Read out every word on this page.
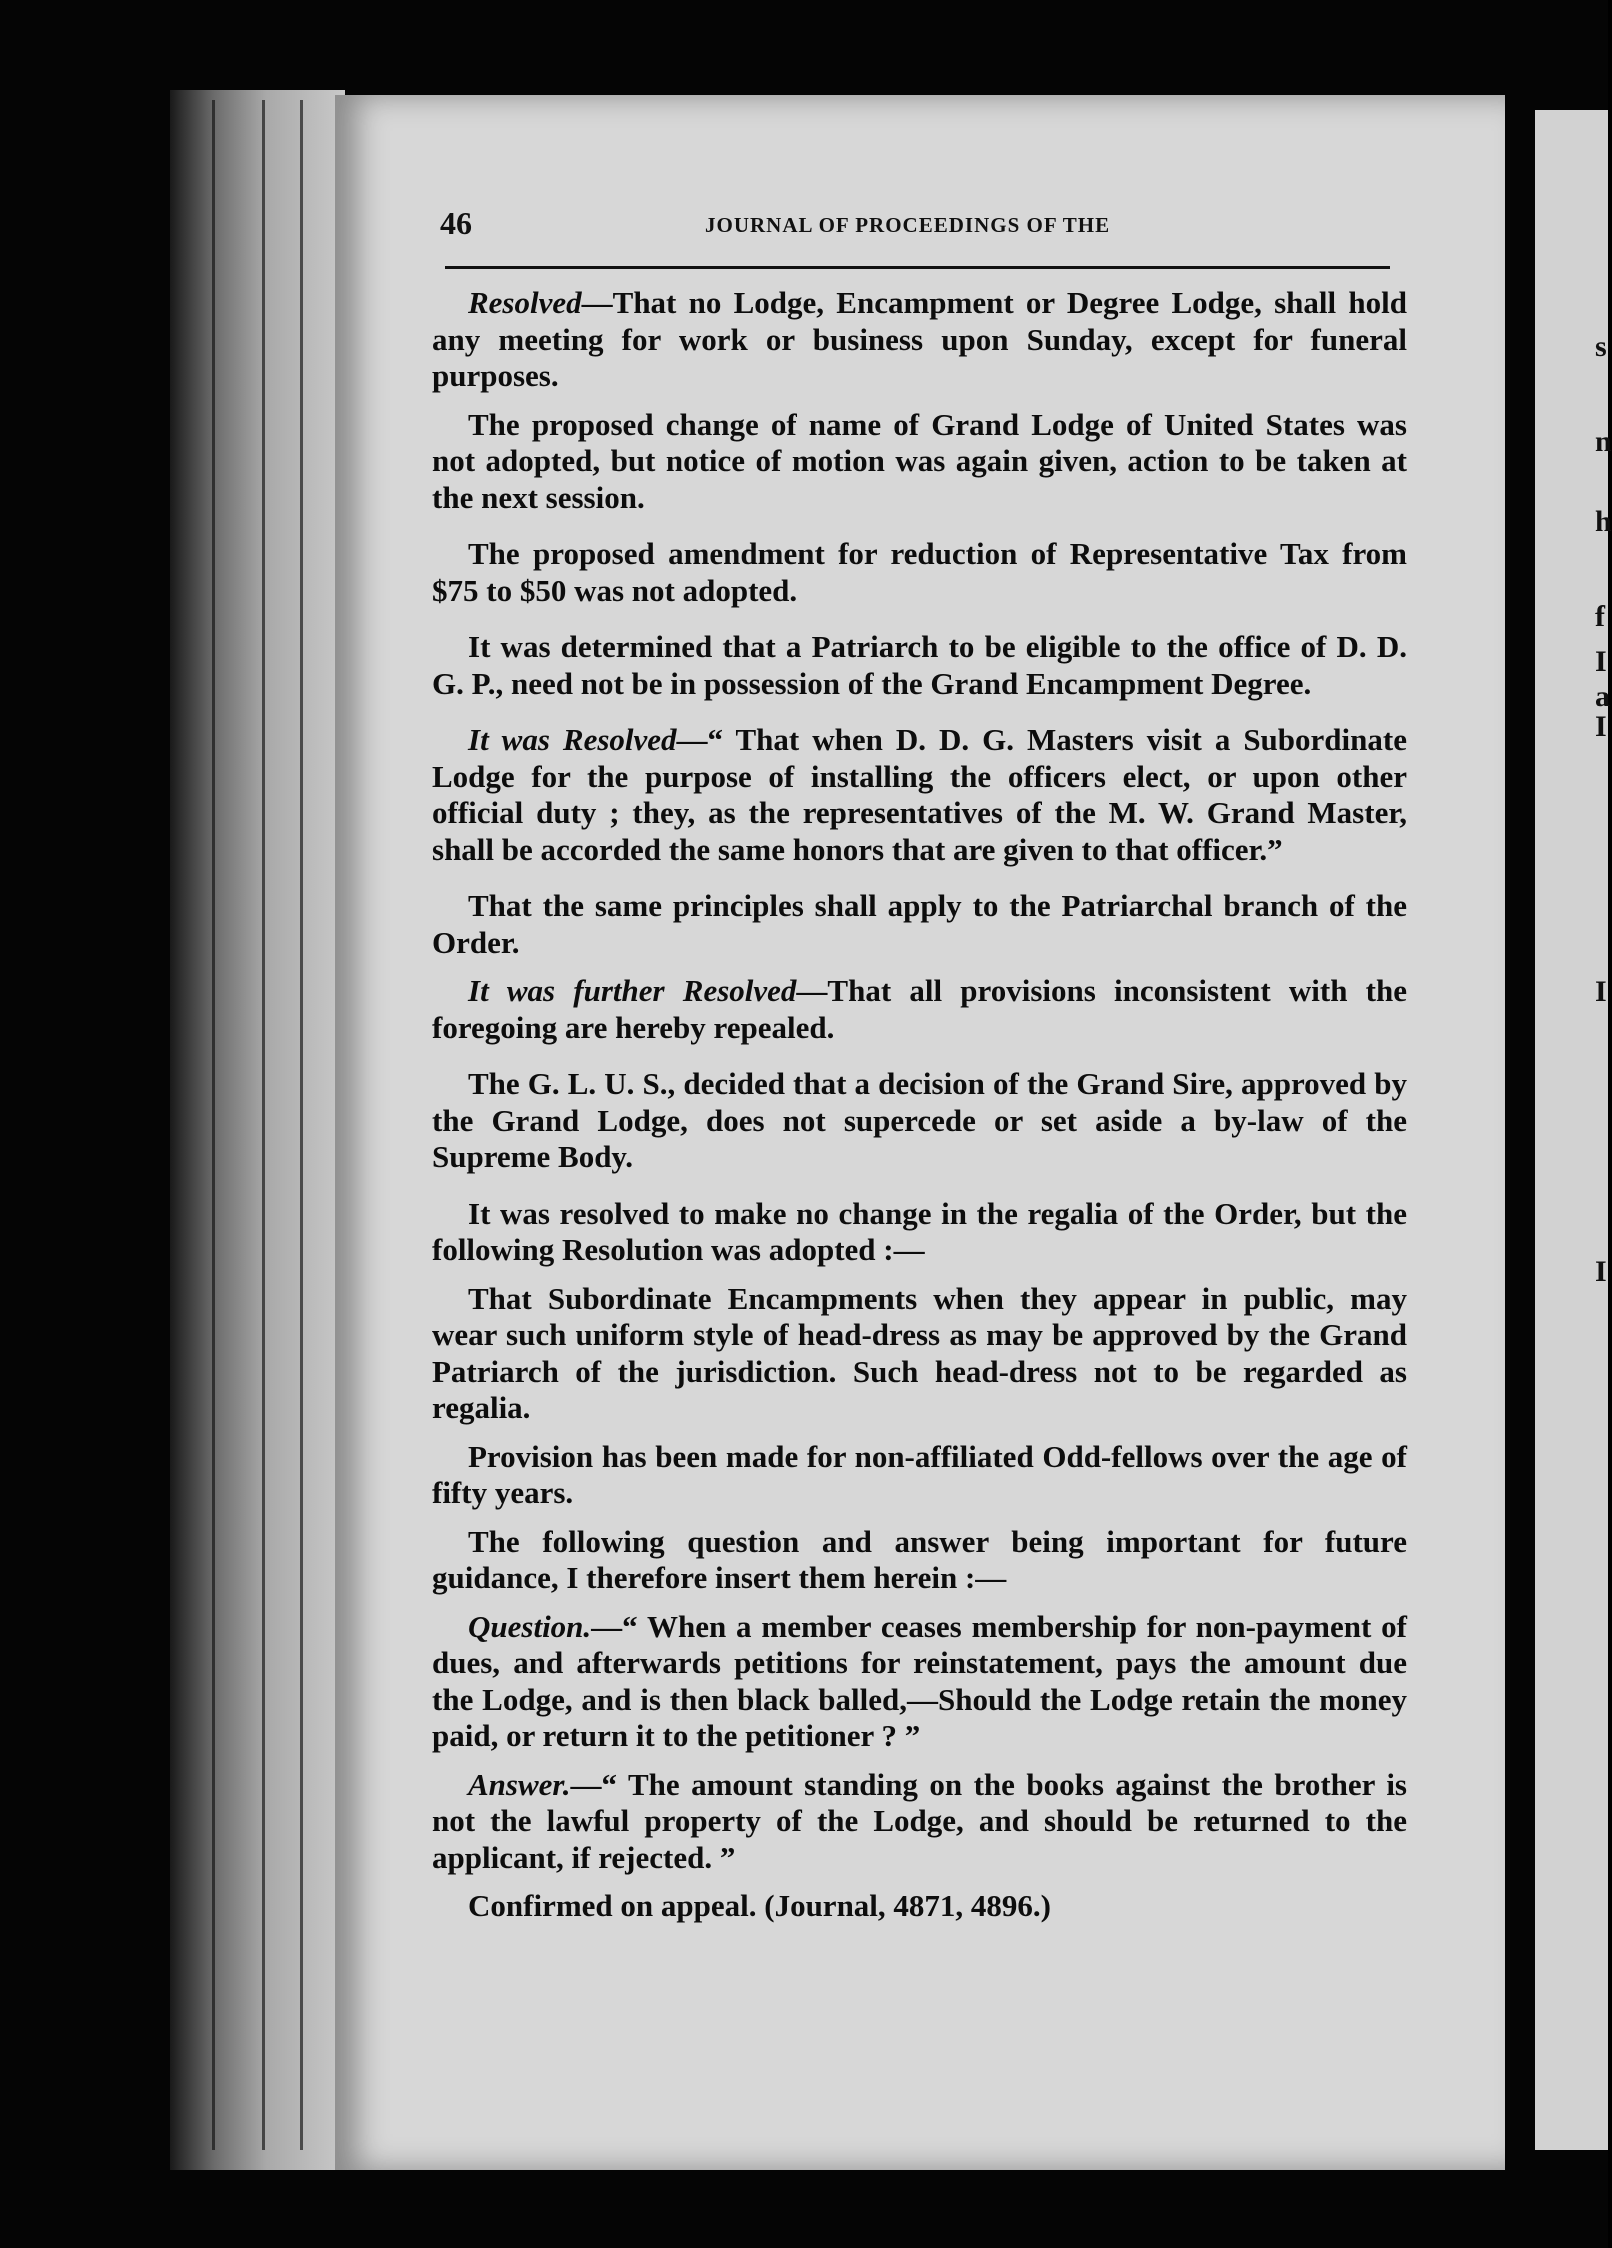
s
n
h
f
I
a
I
I
I
46	JOURNAL OF PROCEEDINGS OF THE

Resolved—That no Lodge, Encampment or Degree Lodge, shall hold any meeting for work or business upon Sunday, except for funeral purposes.

The proposed change of name of Grand Lodge of United States was not adopted, but notice of motion was again given, action to be taken at the next session.

The proposed amendment for reduction of Representative Tax from $75 to $50 was not adopted.

It was determined that a Patriarch to be eligible to the office of D. D. G. P., need not be in possession of the Grand Encampment Degree.

It was Resolved—“ That when D. D. G. Masters visit a Subordinate Lodge for the purpose of installing the officers elect, or upon other official duty ; they, as the representatives of the M. W. Grand Master, shall be accorded the same honors that are given to that officer.”

That the same principles shall apply to the Patriarchal branch of the Order.

It was further Resolved—That all provisions inconsistent with the foregoing are hereby repealed.

The G. L. U. S., decided that a decision of the Grand Sire, approved by the Grand Lodge, does not supercede or set aside a by-law of the Supreme Body.

It was resolved to make no change in the regalia of the Order, but the following Resolution was adopted :—

That Subordinate Encampments when they appear in public, may wear such uniform style of head-dress as may be approved by the Grand Patriarch of the jurisdiction. Such head-dress not to be regarded as regalia.

Provision has been made for non-affiliated Odd-fellows over the age of fifty years.

The following question and answer being important for future guidance, I therefore insert them herein :—

Question.—“ When a member ceases membership for non-payment of dues, and afterwards petitions for reinstatement, pays the amount due the Lodge, and is then black balled,—Should the Lodge retain the money paid, or return it to the petitioner ? ”

Answer.—“ The amount standing on the books against the brother is not the lawful property of the Lodge, and should be returned to the applicant, if rejected. ”

Confirmed on appeal. (Journal, 4871, 4896.)
